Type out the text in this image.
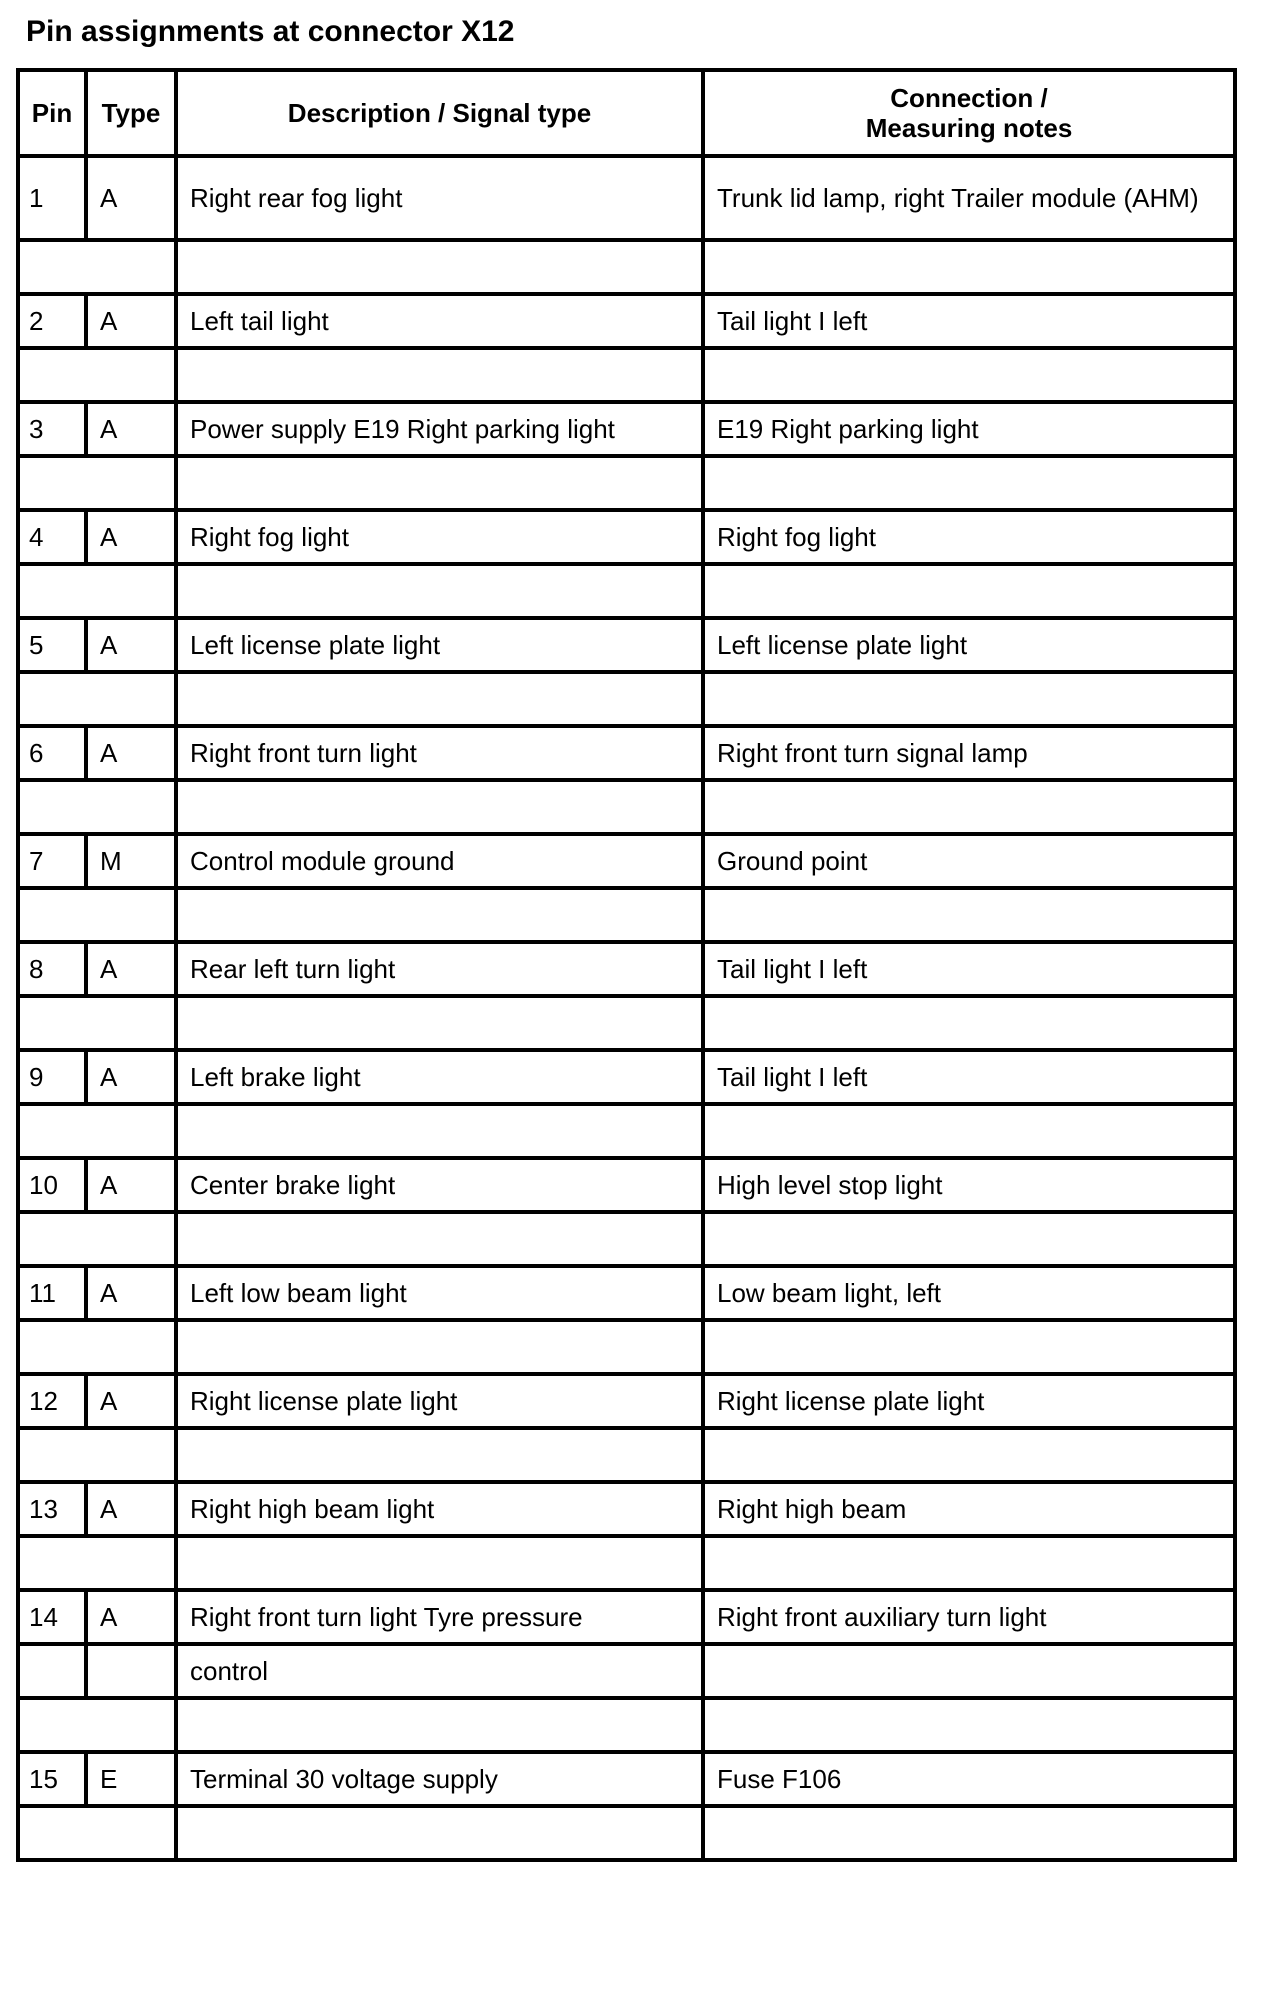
Pin assignments at connector X12
Pin	Type	Description / Signal type	Connection /
Measuring notes
1	A	Right rear fog light	Trunk lid lamp, right Trailer module (AHM)

2	A	Left tail light	Tail light I left

3	A	Power supply E19 Right parking light	E19 Right parking light

4	A	Right fog light	Right fog light

5	A	Left license plate light	Left license plate light

6	A	Right front turn light	Right front turn signal lamp

7	M	Control module ground	Ground point

8	A	Rear left turn light	Tail light I left

9	A	Left brake light	Tail light I left

10	A	Center brake light	High level stop light

11	A	Left low beam light	Low beam light, left

12	A	Right license plate light	Right license plate light

13	A	Right high beam light	Right high beam

14	A	Right front turn light Tyre pressure	Right front auxiliary turn light
		control	

15	E	Terminal 30 voltage supply	Fuse F106
